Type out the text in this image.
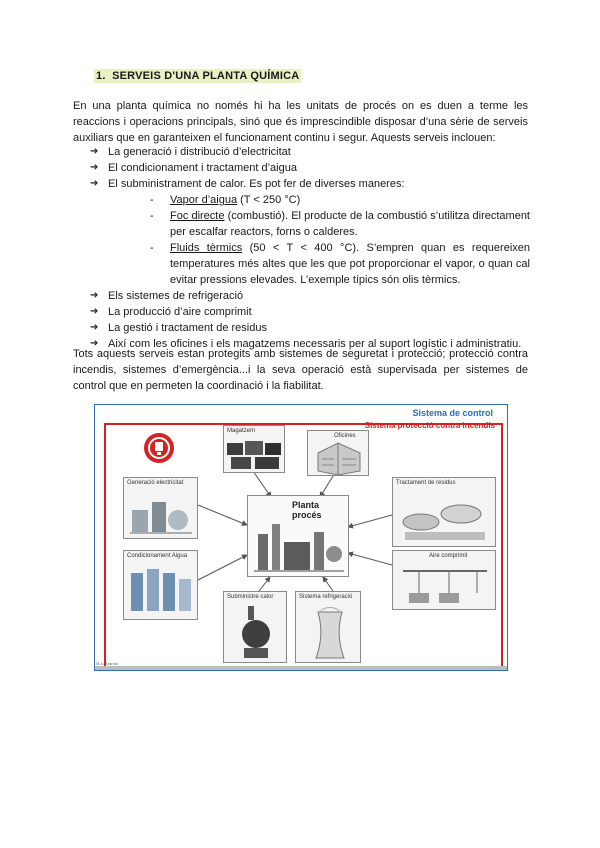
1. SERVEIS D'UNA PLANTA QUÍMICA

En una planta química no només hi ha les unitats de procés on es duen a terme les reaccions i operacions principals, sinó que és imprescindible disposar d’una sèrie de serveis auxiliars que en garanteixen el funcionament continu i segur. Aquests serveis inclouen:

➔ La generació i distribució d’electricitat
➔ El condicionament i tractament d’aigua
➔ El subministrament de calor. Es pot fer de diverses maneres:
- Vapor d’aigua (T < 250 °C)
- Foc directe (combustió). El producte de la combustió s’utilitza directament per escalfar reactors, forns o calderes.
- Fluids tèrmics (50 < T < 400 °C). S’empren quan es requereixen temperatures més altes que les que pot proporcionar el vapor, o quan cal evitar pressions elevades. L’exemple típics són olis tèrmics.
➔ Els sistemes de refrigeració
➔ La producció d’aire comprimit
➔ La gestió i tractament de residus
➔ Així com les oficines i els magatzems necessaris per al suport logístic i administratiu.

Tots aquests serveis estan protegits amb sistemes de seguretat i protecció; protecció contra incendis, sistemes d’emergència...i la seva operació està supervisada per sistemes de control que en permeten la coordinació i la fiabilitat.

Sistema de control
Sistema protecció contra incendis
Generació electricitat
Condicionament Aigua
Magatzem
Oficines
Planta procés
Tractament de residus
Aire comprimit
Subministre calor	Sistema refrigeració
M.A. Aranda
